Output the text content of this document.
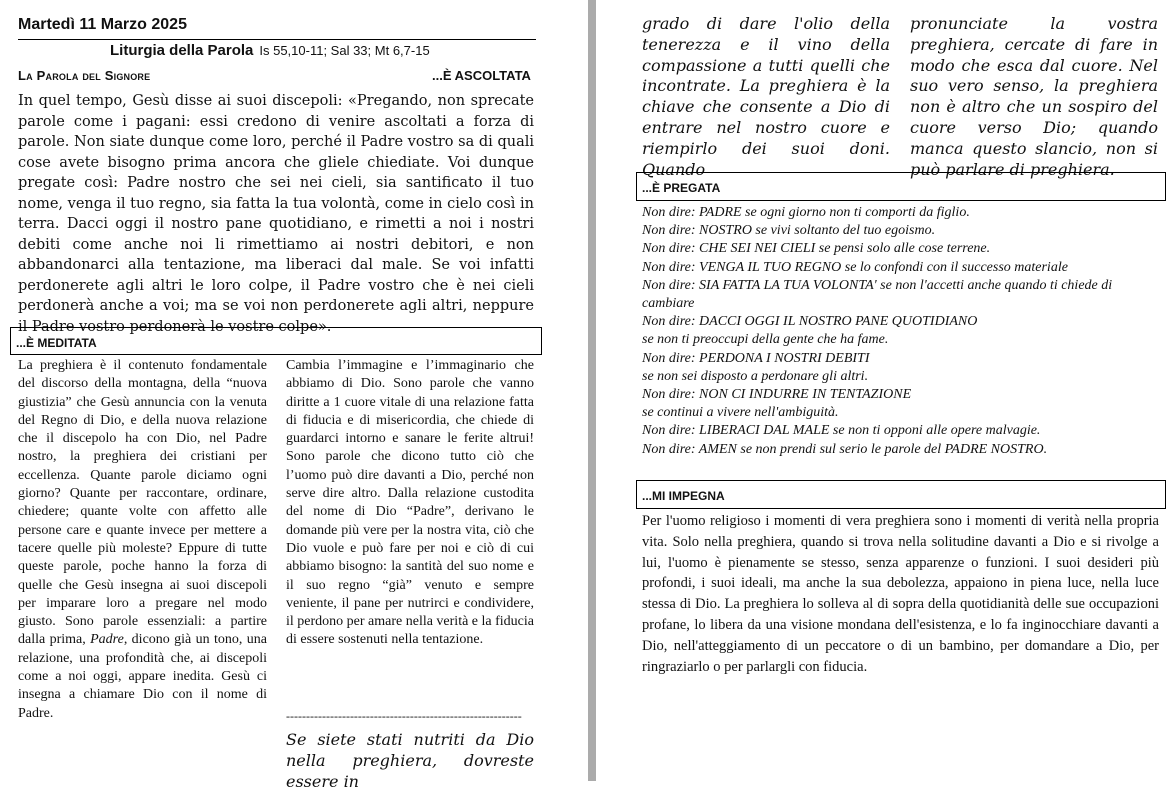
Martedì 11 Marzo 2025
Liturgia della Parola Is 55,10-11; Sal 33; Mt 6,7-15
La Parola del Signore	...È ASCOLTATA
In quel tempo, Gesù disse ai suoi discepoli: «Pregando, non sprecate parole come i pagani: essi credono di venire ascoltati a forza di parole. Non siate dunque come loro, perché il Padre vostro sa di quali cose avete bisogno prima ancora che gliele chiediate. Voi dunque pregate così: Padre nostro che sei nei cieli, sia santificato il tuo nome, venga il tuo regno, sia fatta la tua volontà, come in cielo così in terra. Dacci oggi il nostro pane quotidiano, e rimetti a noi i nostri debiti come anche noi li rimettiamo ai nostri debitori, e non abbandonarci alla tentazione, ma liberaci dal male. Se voi infatti perdonerete agli altri le loro colpe, il Padre vostro che è nei cieli perdonerà anche a voi; ma se voi non perdonerete agli altri, neppure il Padre vostro perdonerà le vostre colpe».
...È MEDITATA
La preghiera è il contenuto fondamentale del discorso della montagna, della “nuova giustizia” che Gesù annuncia con la venuta del Regno di Dio, e della nuova relazione che il discepolo ha con Dio, nel Padre nostro, la preghiera dei cristiani per eccellenza. Quante parole diciamo ogni giorno? Quante per raccontare, ordinare, chiedere; quante volte con affetto alle persone care e quante invece per mettere a tacere quelle più moleste? Eppure di tutte queste parole, poche hanno la forza di quelle che Gesù insegna ai suoi discepoli per imparare loro a pregare nel modo giusto. Sono parole essenziali: a partire dalla prima, Padre, dicono già un tono, una relazione, una profondità che, ai discepoli come a noi oggi, appare inedita. Gesù ci insegna a chiamare Dio con il nome di Padre.
Cambia l’immagine e l’immaginario che abbiamo di Dio. Sono parole che vanno diritte a 1 cuore vitale di una relazione fatta di fiducia e di misericordia, che chiede di guardarci intorno e sanare le ferite altrui! Sono parole che dicono tutto ciò che l’uomo può dire davanti a Dio, perché non serve dire altro. Dalla relazione custodita del nome di Dio “Padre”, derivano le domande più vere per la nostra vita, ciò che Dio vuole e può fare per noi e ciò di cui abbiamo bisogno: la santità del suo nome e il suo regno “già” venuto e sempre veniente, il pane per nutrirci e condividere, il perdono per amare nella verità e la fiducia di essere sostenuti nella tentazione.
-----------------------------------------------------------
Se siete stati nutriti da Dio nella preghiera, dovreste essere in
grado di dare l'olio della tenerezza e il vino della compassione a tutti quelli che incontrate. La preghiera è la chiave che consente a Dio di entrare nel nostro cuore e riempirlo dei suoi doni. Quando
pronunciate la vostra preghiera, cercate di fare in modo che esca dal cuore. Nel suo vero senso, la preghiera non è altro che un sospiro del cuore verso Dio; quando manca questo slancio, non si può parlare di preghiera.
...È PREGATA
Non dire: PADRE se ogni giorno non ti comporti da figlio.
Non dire: NOSTRO se vivi soltanto del tuo egoismo.
Non dire: CHE SEI NEI CIELI se pensi solo alle cose terrene.
Non dire: VENGA IL TUO REGNO se lo confondi con il successo materiale
Non dire: SIA FATTA LA TUA VOLONTA' se non l'accetti anche quando ti chiede di cambiare
Non dire: DACCI OGGI IL NOSTRO PANE QUOTIDIANO
se non ti preoccupi della gente che ha fame.
Non dire: PERDONA I NOSTRI DEBITI
se non sei disposto a perdonare gli altri.
Non dire: NON CI INDURRE IN TENTAZIONE
se continui a vivere nell'ambiguità.
Non dire: LIBERACI DAL MALE se non ti opponi alle opere malvagie.
Non dire: AMEN se non prendi sul serio le parole del PADRE NOSTRO.
...MI IMPEGNA
Per l'uomo religioso i momenti di vera preghiera sono i momenti di verità nella propria vita. Solo nella preghiera, quando si trova nella solitudine davanti a Dio e si rivolge a lui, l'uomo è pienamente se stesso, senza apparenze o funzioni. I suoi desideri più profondi, i suoi ideali, ma anche la sua debolezza, appaiono in piena luce, nella luce stessa di Dio. La preghiera lo solleva al di sopra della quotidianità delle sue occupazioni profane, lo libera da una visione mondana dell'esistenza, e lo fa inginocchiare davanti a Dio, nell'atteggiamento di un peccatore o di un bambino, per domandare a Dio, per ringraziarlo o per parlargli con fiducia.
